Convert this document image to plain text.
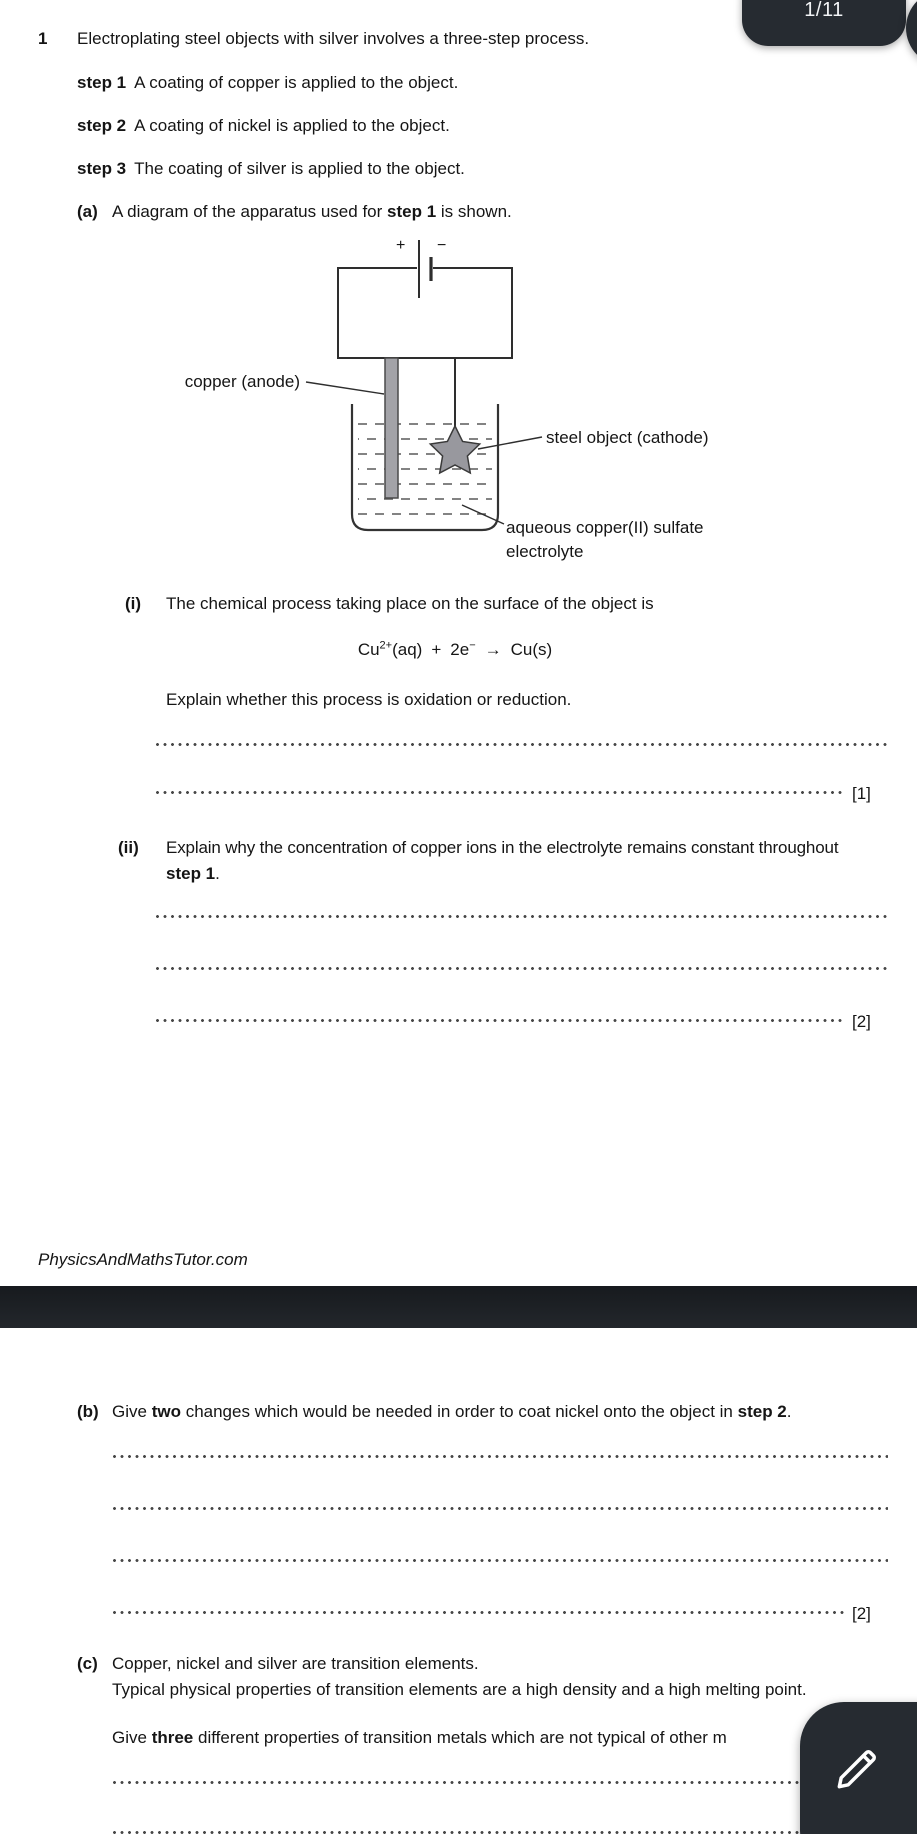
1/11
1 Electroplating steel objects with silver involves a three-step process.
step 1 A coating of copper is applied to the object.
step 2 A coating of nickel is applied to the object.
step 3 The coating of silver is applied to the object.
(a) A diagram of the apparatus used for step 1 is shown.
+ −
copper (anode)
steel object (cathode)
aqueous copper(II) sulfate
electrolyte
(i) The chemical process taking place on the surface of the object is
$Cu^{2+}(aq) + 2e^- \to Cu(s)$
Explain whether this process is oxidation or reduction.
[1]
(ii) Explain why the concentration of copper ions in the electrolyte remains constant throughout
step 1.
[2]
PhysicsAndMathsTutor.com
(b) Give two changes which would be needed in order to coat nickel onto the object in step 2.
[2]
(c) Copper, nickel and silver are transition elements.
Typical physical properties of transition elements are a high density and a high melting point.
Give three different properties of transition metals which are not typical of other m
